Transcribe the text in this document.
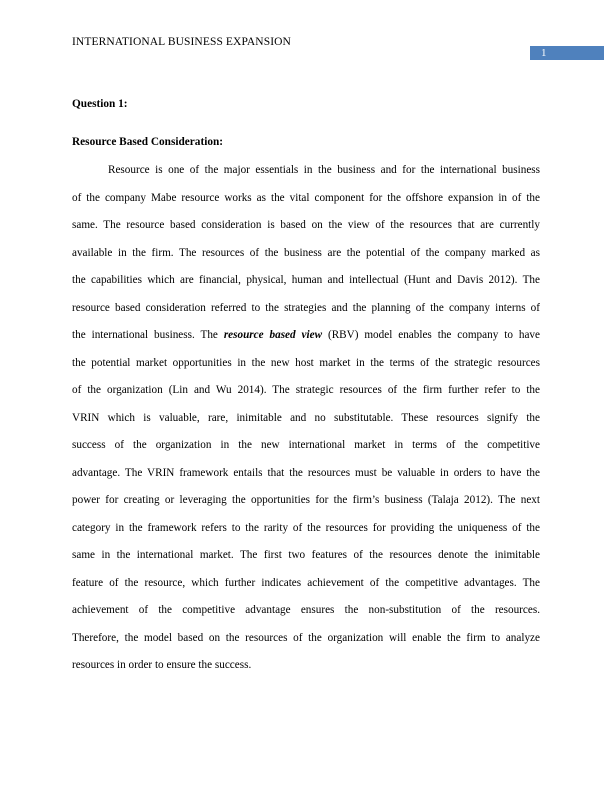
INTERNATIONAL BUSINESS EXPANSION
1
Question 1:
Resource Based Consideration:
Resource is one of the major essentials in the business and for the international business
of the company Mabe resource works as the vital component for the offshore expansion in of the
same. The resource based consideration is based on the view of the resources that are currently
available in the firm. The resources of the business are the potential of the company marked as
the capabilities which are financial, physical, human and intellectual (Hunt and Davis 2012). The
resource based consideration referred to the strategies and the planning of the company interns of
the international business. The resource based view (RBV) model enables the company to have
the potential market opportunities in the new host market in the terms of the strategic resources
of the organization (Lin and Wu 2014). The strategic resources of the firm further refer to the
VRIN which is valuable, rare, inimitable and no substitutable. These resources signify the
success of the organization in the new international market in terms of the competitive
advantage. The VRIN framework entails that the resources must be valuable in orders to have the
power for creating or leveraging the opportunities for the firm’s business (Talaja 2012). The next
category in the framework refers to the rarity of the resources for providing the uniqueness of the
same in the international market. The first two features of the resources denote the inimitable
feature of the resource, which further indicates achievement of the competitive advantages. The
achievement of the competitive advantage ensures the non-substitution of the resources.
Therefore, the model based on the resources of the organization will enable the firm to analyze
resources in order to ensure the success.
